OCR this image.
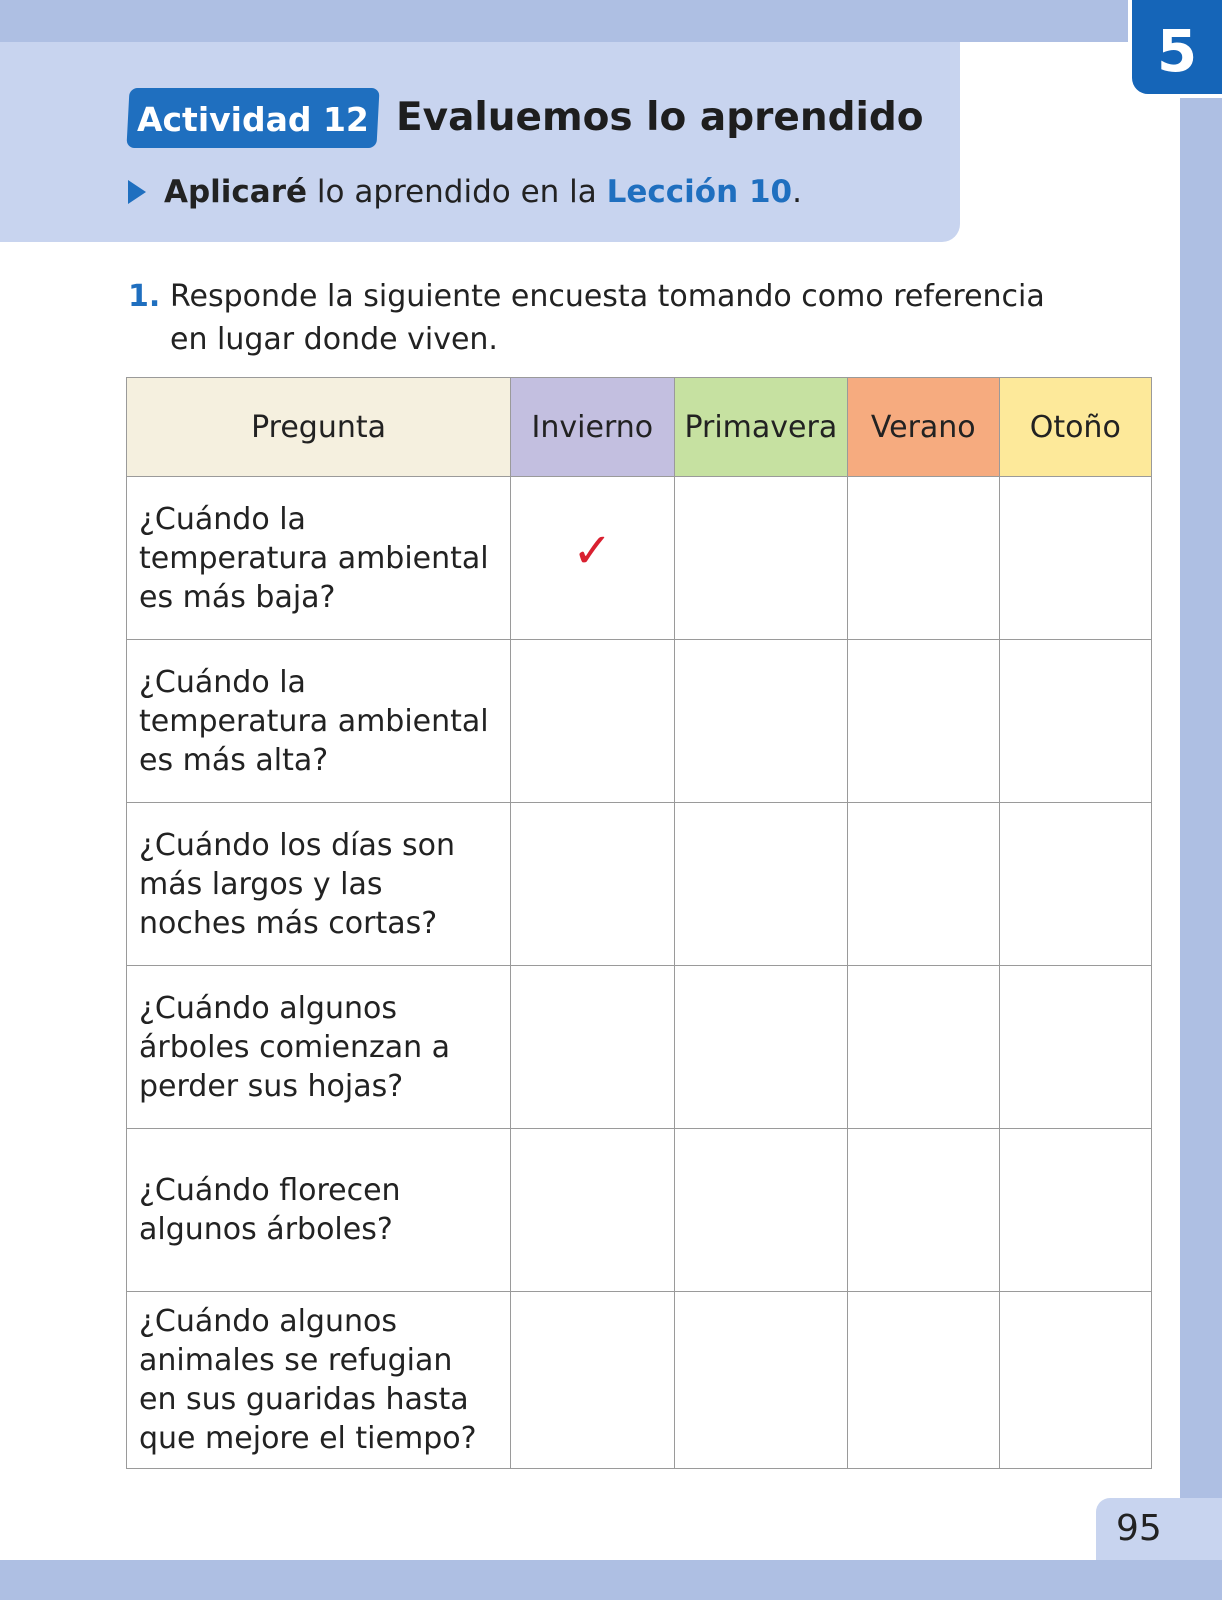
5
Actividad 12 Evaluemos lo aprendido
Aplicaré
lo aprendido en la
Lección 10 .
1. Responde la siguiente encuesta tomando como referencia en lugar donde viven.
Pregunta	Invierno	Primavera	Verano	Otoño
¿Cuándo la temperatura ambiental es más baja?	✓			
¿Cuándo la temperatura ambiental es más alta?				
¿Cuándo los días son más largos y las noches más cortas?				
¿Cuándo algunos árboles comienzan a perder sus hojas?				
¿Cuándo florecen algunos árboles?				
¿Cuándo algunos animales se refugian en sus guaridas hasta que mejore el tiempo?				
95
